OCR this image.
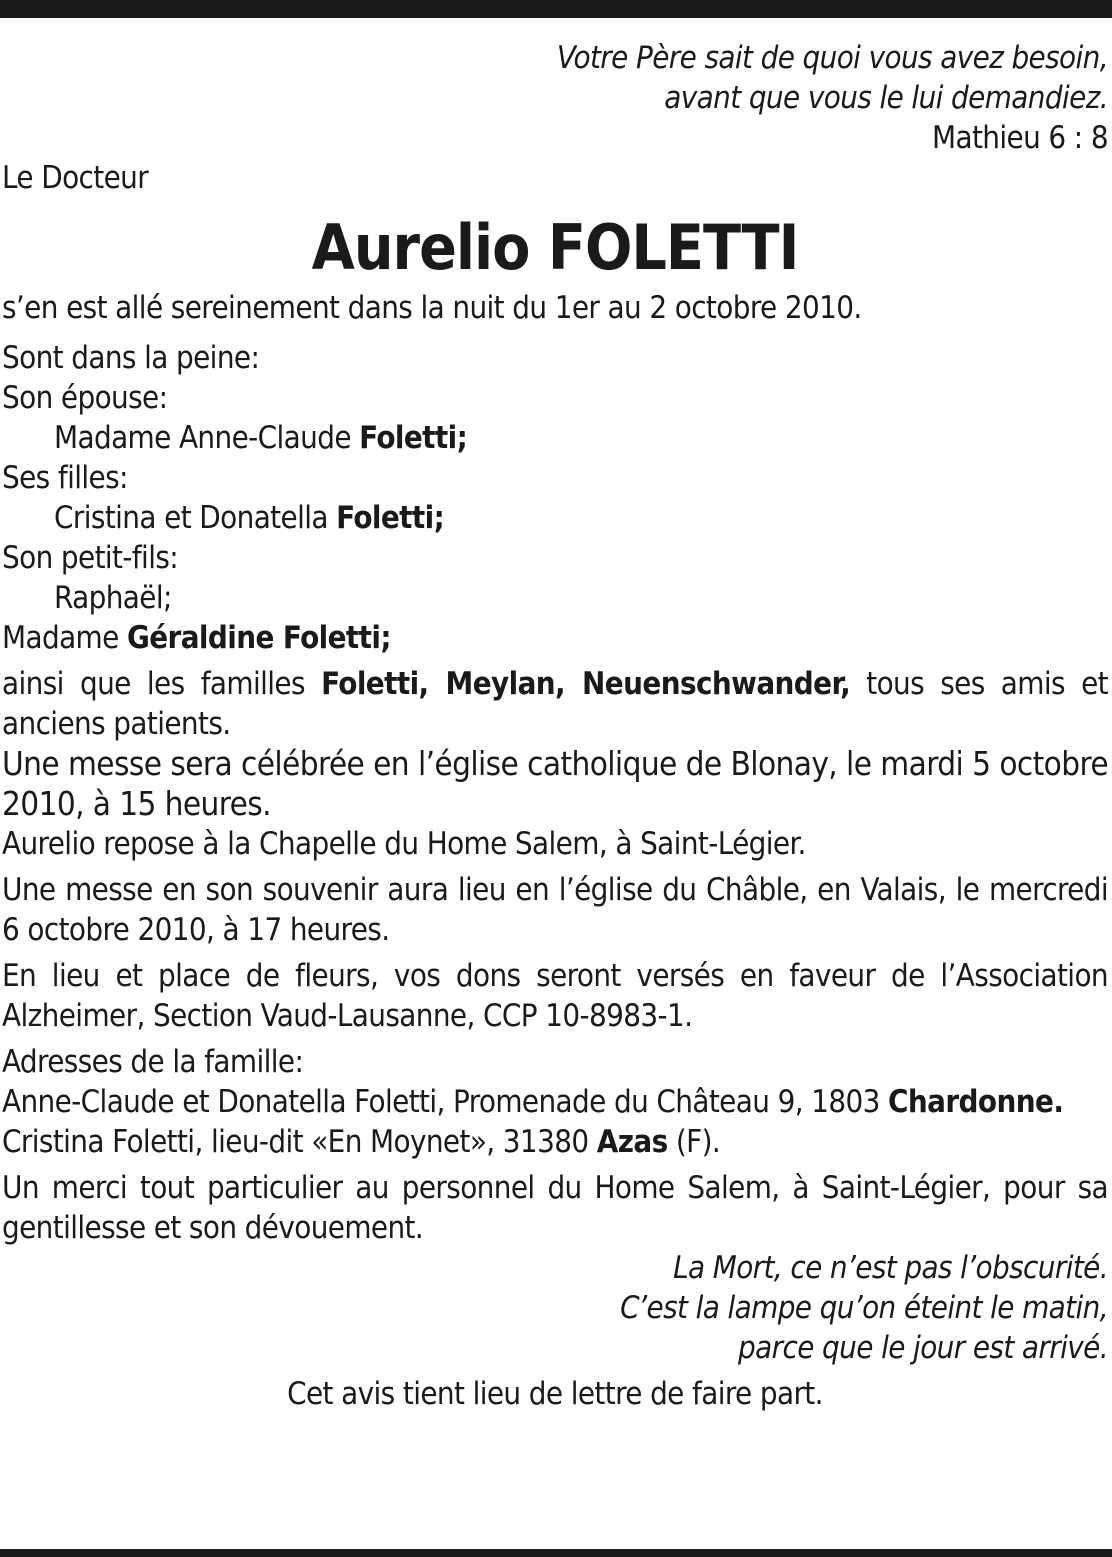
Votre Père sait de quoi vous avez besoin,
avant que vous le lui demandiez.
Mathieu 6 : 8
Le Docteur
Aurelio FOLETTI
s’en est allé sereinement dans la nuit du 1er au 2 octobre 2010.
Sont dans la peine:
Son épouse:
Madame Anne-Claude Foletti;
Ses filles:
Cristina et Donatella Foletti;
Son petit-fils:
Raphaël;
Madame Géraldine Foletti;
ainsi que les familles Foletti, Meylan, Neuenschwander, tous ses amis et anciens patients.
Une messe sera célébrée en l’église catholique de Blonay, le mardi 5 octobre 2010, à 15 heures.
Aurelio repose à la Chapelle du Home Salem, à Saint-Légier.
Une messe en son souvenir aura lieu en l’église du Châble, en Valais, le mercredi 6 octobre 2010, à 17 heures.
En lieu et place de fleurs, vos dons seront versés en faveur de l’Association Alzheimer, Section Vaud-Lausanne, CCP 10-8983-1.
Adresses de la famille:
Anne-Claude et Donatella Foletti, Promenade du Château 9, 1803 Chardonne.
Cristina Foletti, lieu-dit «En Moynet», 31380 Azas (F).
Un merci tout particulier au personnel du Home Salem, à Saint-Légier, pour sa gentillesse et son dévouement.
La Mort, ce n’est pas l’obscurité.
C’est la lampe qu’on éteint le matin,
parce que le jour est arrivé.
Cet avis tient lieu de lettre de faire part.
